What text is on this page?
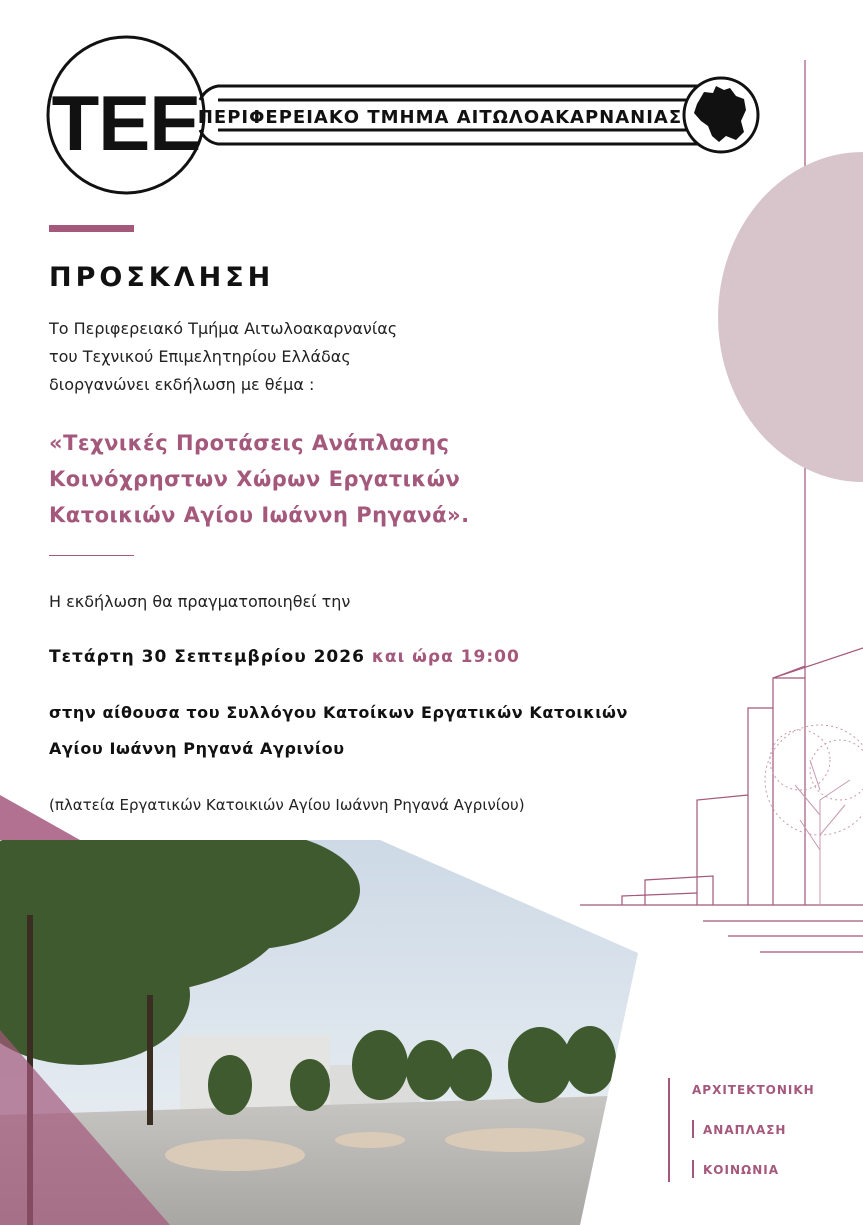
TEE
ΠΕΡΙΦΕΡΕΙΑΚΟ ΤΜΗΜΑ ΑΙΤΩΛΟΑΚΑΡΝΑΝΙΑΣ
ΠΡΟΣΚΛΗΣΗ
Το Περιφερειακό Τμήμα Αιτωλοακαρνανίας
του Τεχνικού Επιμελητηρίου Ελλάδας
διοργανώνει εκδήλωση με θέμα :
«Τεχνικές Προτάσεις Ανάπλασης
Κοινόχρηστων Χώρων Εργατικών
Κατοικιών Αγίου Ιωάννη Ρηγανά».
Η εκδήλωση θα πραγματοποιηθεί την
Τετάρτη 30 Σεπτεμβρίου 2026 και ώρα 19:00
στην αίθουσα του Συλλόγου Κατοίκων Εργατικών Κατοικιών
Αγίου Ιωάννη Ρηγανά Αγρινίου
(πλατεία Εργατικών Κατοικιών Αγίου Ιωάννη Ρηγανά Αγρινίου)
ΑΡΧΙΤΕΚΤΟΝΙΚΗ
ΑΝΑΠΛΑΣΗ
ΚΟΙΝΩΝΙΑ
